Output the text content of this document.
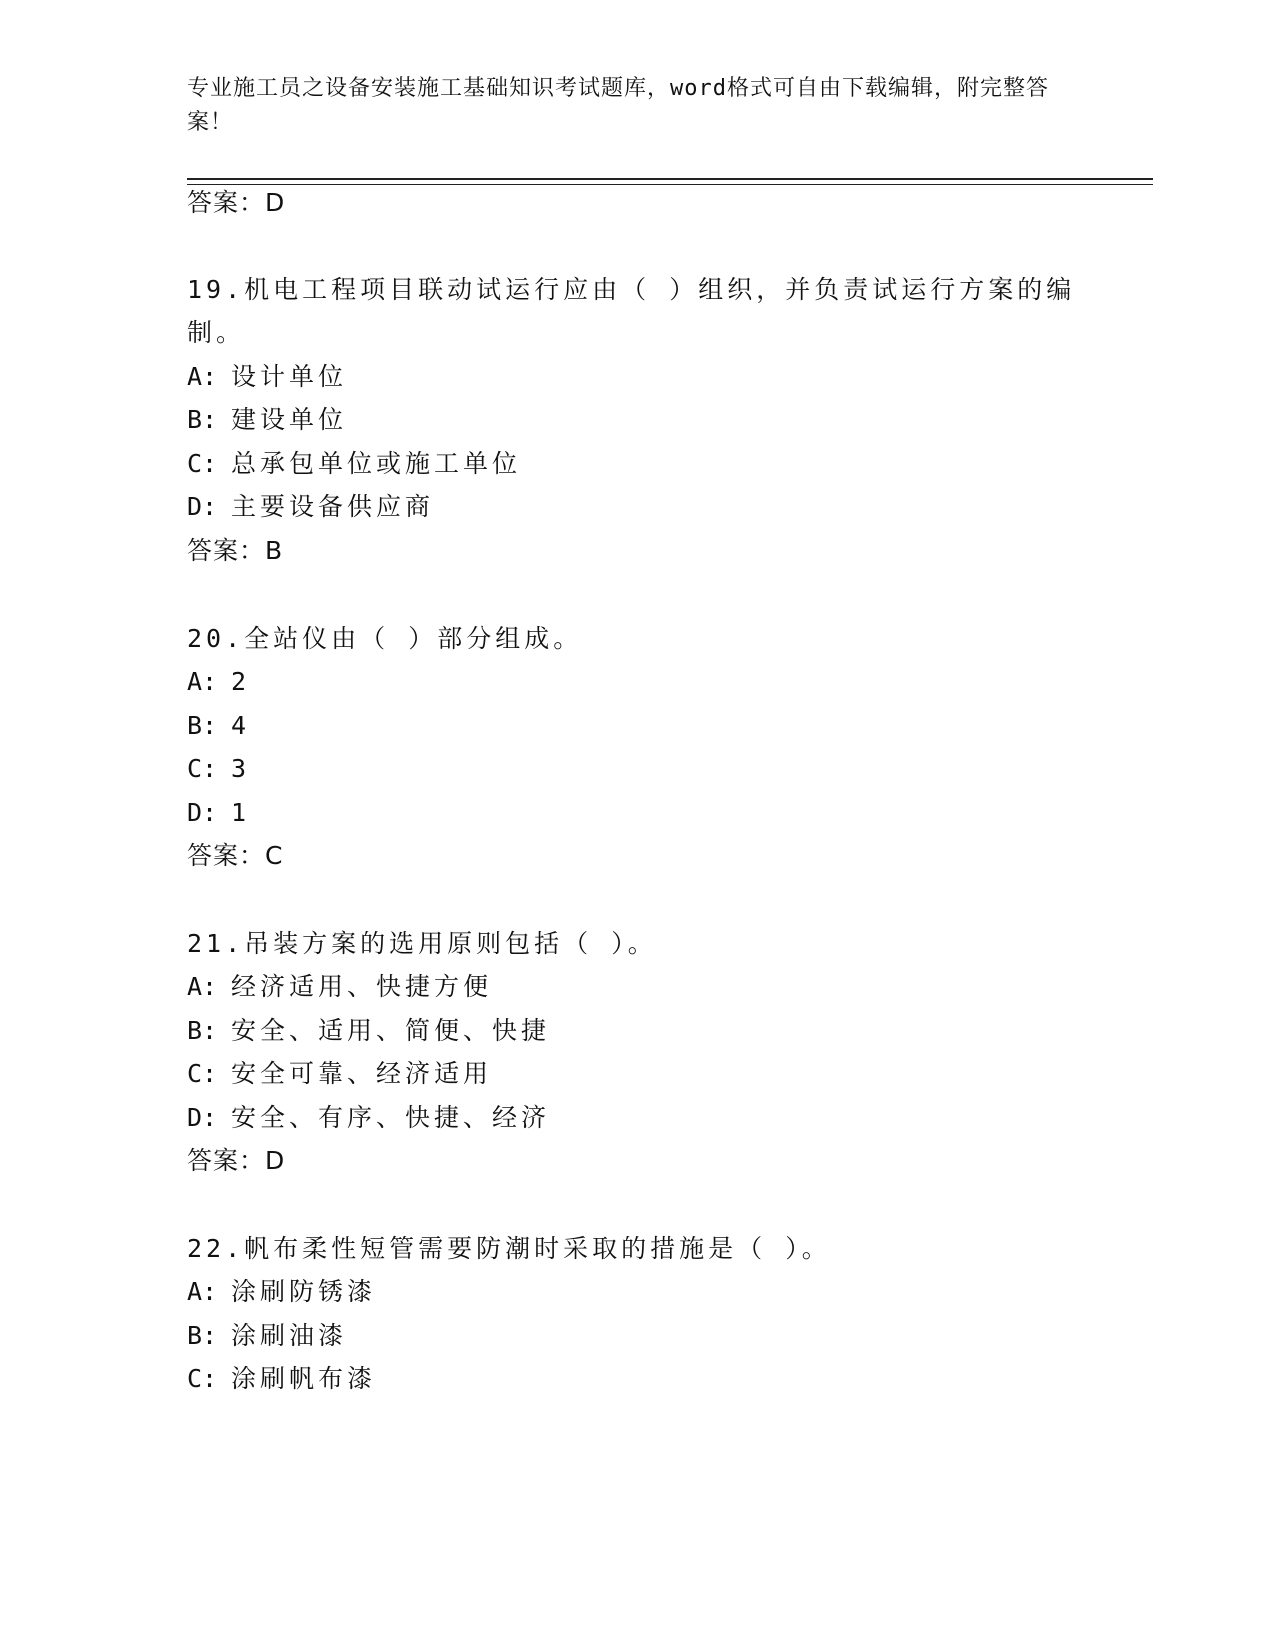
专业施工员之设备安装施工基础知识考试题库，word格式可自由下载编辑，附完整答案！
答案：D
19.机电工程项目联动试运行应由（ ）组织，并负责试运行方案的编
制。
A: 设计单位
B: 建设单位
C: 总承包单位或施工单位
D: 主要设备供应商
答案：B
20.全站仪由（ ）部分组成。
A: 2
B: 4
C: 3
D: 1
答案：C
21.吊装方案的选用原则包括（ ）。
A: 经济适用、快捷方便
B: 安全、适用、简便、快捷
C: 安全可靠、经济适用
D: 安全、有序、快捷、经济
答案：D
22.帆布柔性短管需要防潮时采取的措施是（ ）。
A: 涂刷防锈漆
B: 涂刷油漆
C: 涂刷帆布漆
